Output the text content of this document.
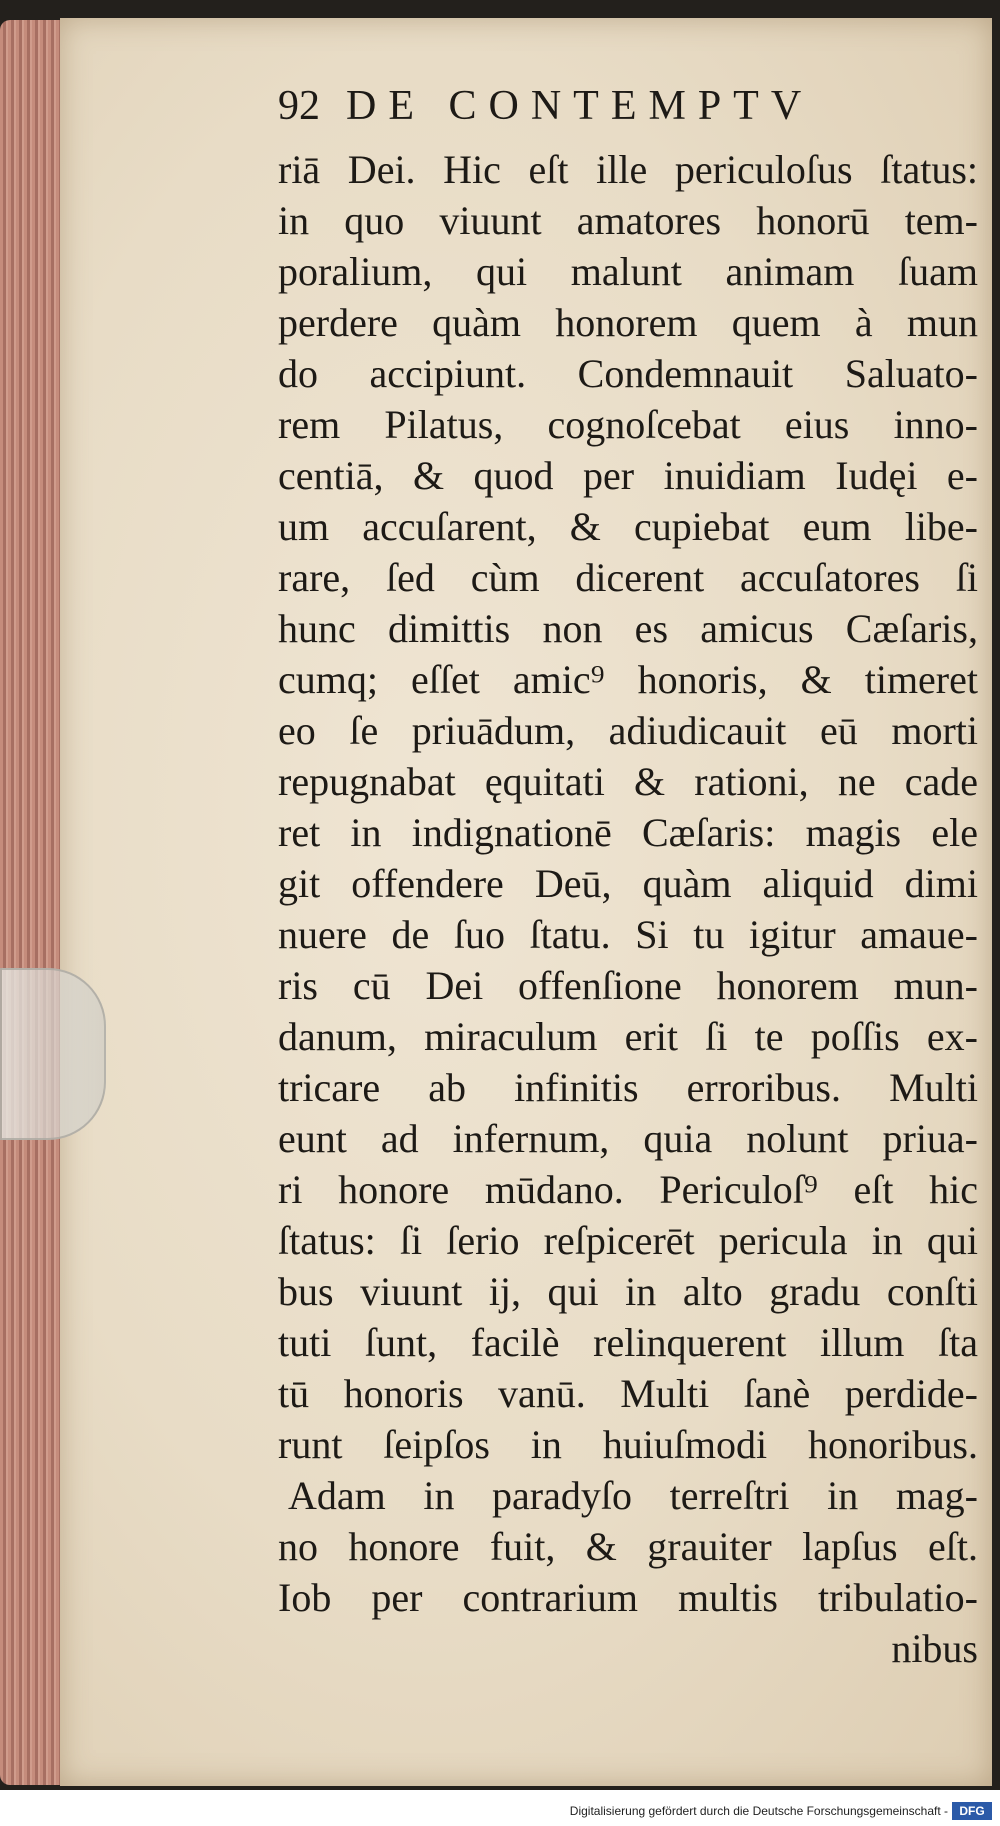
92 DE CONTEMPTV
riā Dei. Hic eſt ille periculoſus ſtatus:
in quo viuunt amatores honorū tem-
poralium, qui malunt animam ſuam
perdere quàm honorem quem à mun
do accipiunt. Condemnauit Saluato-
rem Pilatus, cognoſcebat eius inno-
centiā, & quod per inuidiam Iudęi e-
um accuſarent, & cupiebat eum libe-
rare, ſed cùm dicerent accuſatores ſi
hunc dimittis non es amicus Cæſaris,
cumq; eſſet amic⁹ honoris, & timeret
eo ſe priuādum, adiudicauit eū morti
repugnabat ęquitati & rationi, ne cade
ret in indignationē Cæſaris: magis ele
git offendere Deū, quàm aliquid dimi
nuere de ſuo ſtatu. Si tu igitur amaue-
ris cū Dei offenſione honorem mun-
danum, miraculum erit ſi te poſſis ex-
tricare ab infinitis erroribus. Multi
eunt ad infernum, quia nolunt priua-
ri honore mūdano. Periculoſ⁹ eſt hic
ſtatus: ſi ſerio reſpicerēt pericula in qui
bus viuunt ij, qui in alto gradu conſti
tuti ſunt, facilè relinquerent illum ſta
tū honoris vanū. Multi ſanè perdide-
runt ſeipſos in huiuſmodi honoribus.
Adam in paradyſo terreſtri in mag-
no honore fuit, & grauiter lapſus eſt.
Iob per contrarium multis tribulatio-
nibus
Digitalisierung gefördert durch die Deutsche Forschungsgemeinschaft - DFG
